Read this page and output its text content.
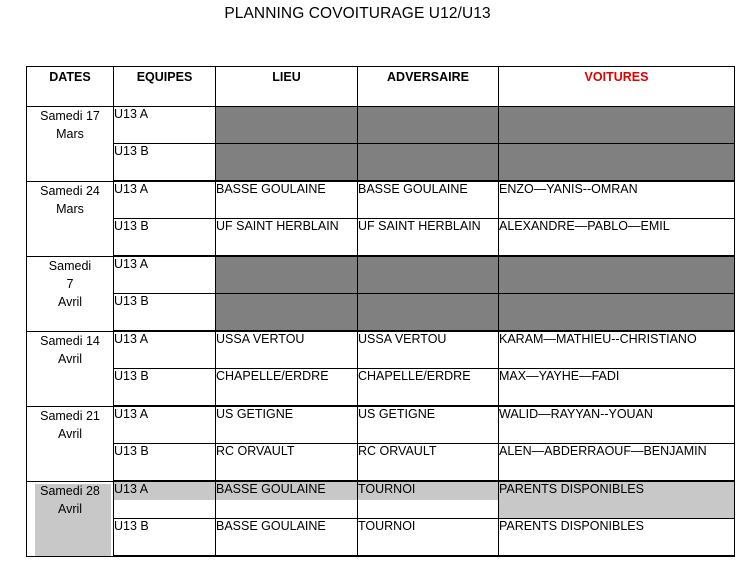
PLANNING COVOITURAGE U12/U13
DATES	EQUIPES	LIEU	ADVERSAIRE	VOITURES

Samedi 17
Mars	U13 A			
	U13 B			

Samedi 24
Mars	U13 A	BASSE GOULAINE	BASSE GOULAINE	ENZO—YANIS--OMRAN
	U13 B	UF SAINT HERBLAIN	UF SAINT HERBLAIN	ALEXANDRE—PABLO—EMIL

Samedi
7
Avril	U13 A			
	U13 B			

Samedi 14
Avril	U13 A	USSA VERTOU	USSA VERTOU	KARAM—MATHIEU--CHRISTIANO
	U13 B	CHAPELLE/ERDRE	CHAPELLE/ERDRE	MAX—YAYHE—FADI

Samedi 21
Avril	U13 A	US GETIGNE	US GETIGNE	WALID—RAYYAN--YOUAN
	U13 B	RC ORVAULT	RC ORVAULT	ALEN—ABDERRAOUF—BENJAMIN

Samedi 28
Avril	U13 A	BASSE GOULAINE	TOURNOI	PARENTS DISPONIBLES
	U13 B	BASSE GOULAINE	TOURNOI	PARENTS DISPONIBLES
